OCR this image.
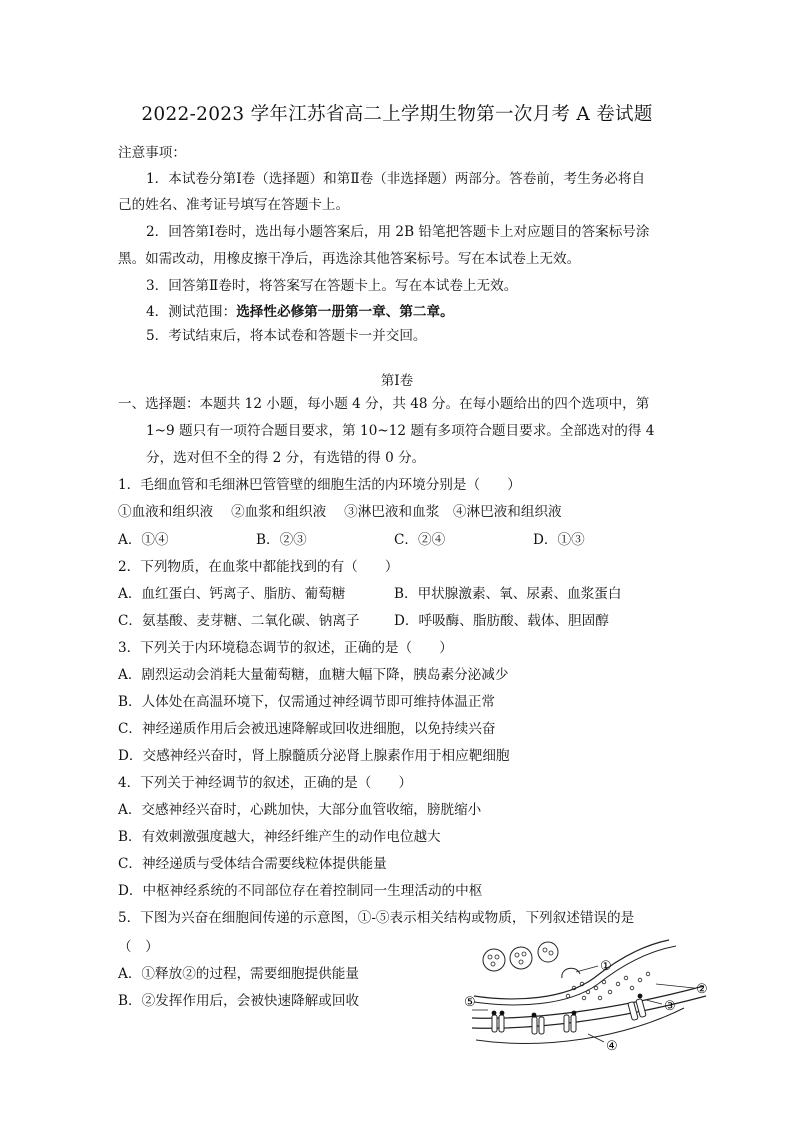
2022-2023 学年江苏省高二上学期生物第一次月考 A 卷试题
注意事项：
1．本试卷分第Ⅰ卷（选择题）和第Ⅱ卷（非选择题）两部分。答卷前，考生务必将自
己的姓名、准考证号填写在答题卡上。
2．回答第Ⅰ卷时，选出每小题答案后，用 2B 铅笔把答题卡上对应题目的答案标号涂
黑。如需改动，用橡皮擦干净后，再选涂其他答案标号。写在本试卷上无效。
3．回答第Ⅱ卷时，将答案写在答题卡上。写在本试卷上无效。
4．测试范围：选择性必修第一册第一章、第二章。
5．考试结束后，将本试卷和答题卡一并交回。
第Ⅰ卷
一、选择题：本题共 12 小题，每小题 4 分，共 48 分。在每小题给出的四个选项中，第
1~9 题只有一项符合题目要求，第 10~12 题有多项符合题目要求。全部选对的得 4
分，选对但不全的得 2 分，有选错的得 0 分。
1．毛细血管和毛细淋巴管管壁的细胞生活的内环境分别是（　　）
①血液和组织液　 ②血浆和组织液　 ③淋巴液和血浆　④淋巴液和组织液
A．①④	B．②③	C．②④	D．①③
2．下列物质，在血浆中都能找到的有（　　）
A．血红蛋白、钙离子、脂肪、葡萄糖	B．甲状腺激素、氧、尿素、血浆蛋白
C．氨基酸、麦芽糖、二氧化碳、钠离子	D．呼吸酶、脂肪酸、载体、胆固醇
3．下列关于内环境稳态调节的叙述，正确的是（　　）
A．剧烈运动会消耗大量葡萄糖，血糖大幅下降，胰岛素分泌减少
B．人体处在高温环境下，仅需通过神经调节即可维持体温正常
C．神经递质作用后会被迅速降解或回收进细胞，以免持续兴奋
D．交感神经兴奋时，肾上腺髓质分泌肾上腺素作用于相应靶细胞
4．下列关于神经调节的叙述，正确的是（　　）
A．交感神经兴奋时，心跳加快，大部分血管收缩，膀胱缩小
B．有效刺激强度越大，神经纤维产生的动作电位越大
C．神经递质与受体结合需要线粒体提供能量
D．中枢神经系统的不同部位存在着控制同一生理活动的中枢
5．下图为兴奋在细胞间传递的示意图，①-⑤表示相关结构或物质，下列叙述错误的是
（　）
A．①释放②的过程，需要细胞提供能量
B．②发挥作用后，会被快速降解或回收
①
②
③
④
⑤
